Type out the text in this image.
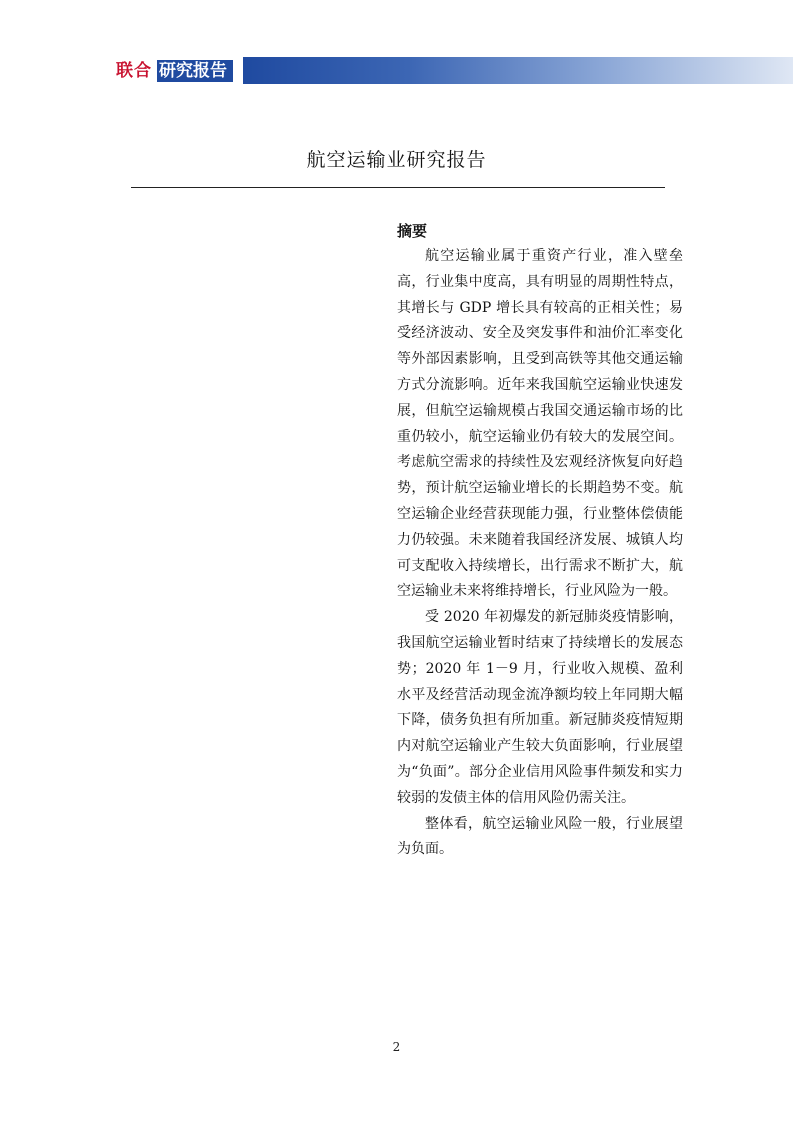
联合 研究报告
航空运输业研究报告
摘要

航空运输业属于重资产行业，准入壁垒高，行业集中度高，具有明显的周期性特点，其增长与 GDP 增长具有较高的正相关性；易受经济波动、安全及突发事件和油价汇率变化等外部因素影响，且受到高铁等其他交通运输方式分流影响。近年来我国航空运输业快速发展，但航空运输规模占我国交通运输市场的比重仍较小，航空运输业仍有较大的发展空间。考虑航空需求的持续性及宏观经济恢复向好趋势，预计航空运输业增长的长期趋势不变。航空运输企业经营获现能力强，行业整体偿债能力仍较强。未来随着我国经济发展、城镇人均可支配收入持续增长，出行需求不断扩大，航空运输业未来将维持增长，行业风险为一般。

受 2020 年初爆发的新冠肺炎疫情影响，我国航空运输业暂时结束了持续增长的发展态势；2020 年 1－9 月，行业收入规模、盈利水平及经营活动现金流净额均较上年同期大幅下降，债务负担有所加重。新冠肺炎疫情短期内对航空运输业产生较大负面影响，行业展望为“负面”。部分企业信用风险事件频发和实力较弱的发债主体的信用风险仍需关注。

整体看，航空运输业风险一般，行业展望为负面。

2
